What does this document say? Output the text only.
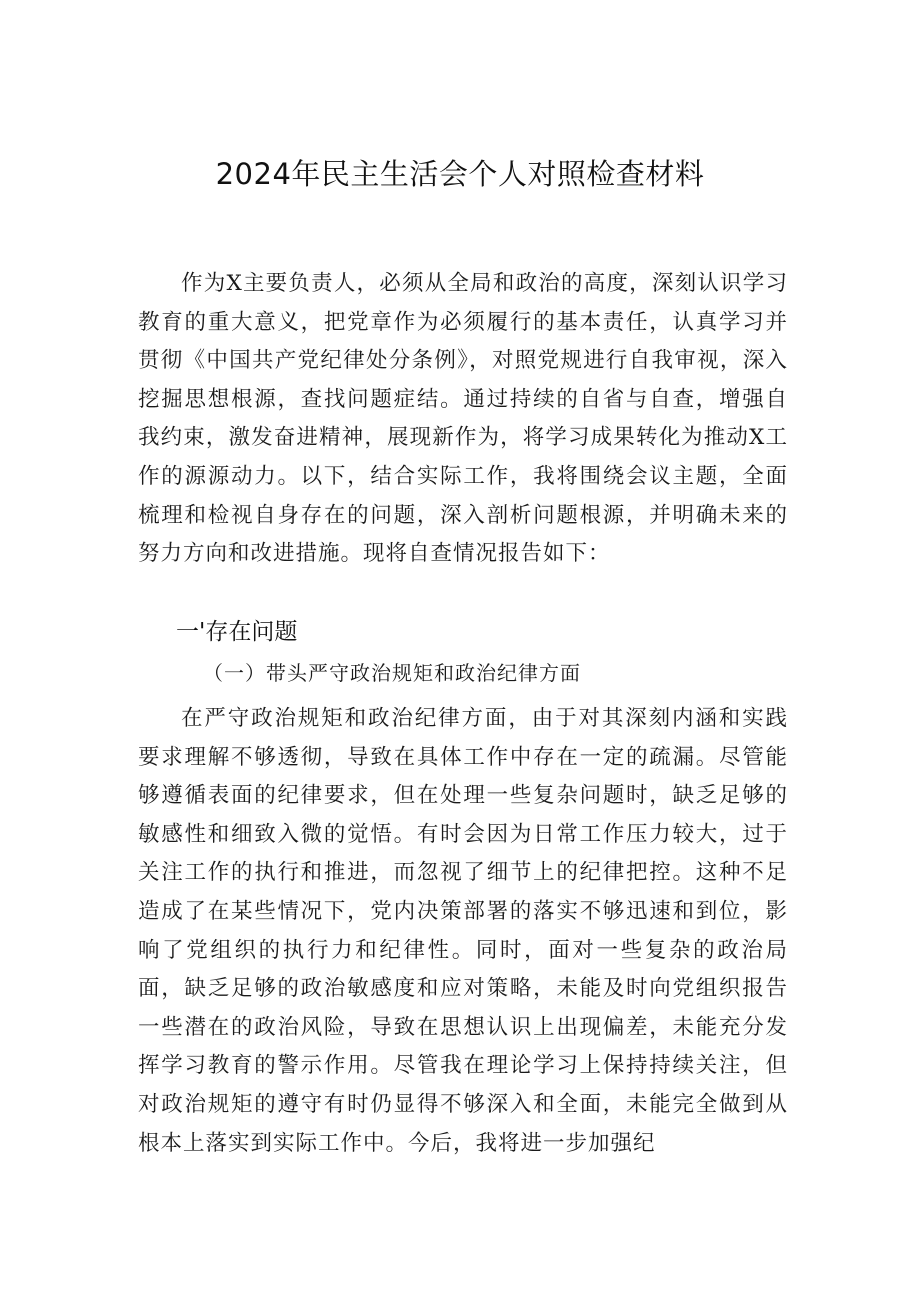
2024年民主生活会个人对照检查材料

作为X主要负责人，必须从全局和政治的高度，深刻认识学习教育的重大意义，把党章作为必须履行的基本责任，认真学习并贯彻《中国共产党纪律处分条例》，对照党规进行自我审视，深入挖掘思想根源，查找问题症结。通过持续的自省与自查，增强自我约束，激发奋进精神，展现新作为，将学习成果转化为推动X工作的源源动力。以下，结合实际工作，我将围绕会议主题，全面梳理和检视自身存在的问题，深入剖析问题根源，并明确未来的努力方向和改进措施。现将自查情况报告如下：

一'存在问题
（一）带头严守政治规矩和政治纪律方面

在严守政治规矩和政治纪律方面，由于对其深刻内涵和实践要求理解不够透彻，导致在具体工作中存在一定的疏漏。尽管能够遵循表面的纪律要求，但在处理一些复杂问题时，缺乏足够的敏感性和细致入微的觉悟。有时会因为日常工作压力较大，过于关注工作的执行和推进，而忽视了细节上的纪律把控。这种不足造成了在某些情况下，党内决策部署的落实不够迅速和到位，影响了党组织的执行力和纪律性。同时，面对一些复杂的政治局面，缺乏足够的政治敏感度和应对策略，未能及时向党组织报告一些潜在的政治风险，导致在思想认识上出现偏差，未能充分发挥学习教育的警示作用。尽管我在理论学习上保持持续关注，但对政治规矩的遵守有时仍显得不够深入和全面，未能完全做到从根本上落实到实际工作中。今后，我将进一步加强纪
